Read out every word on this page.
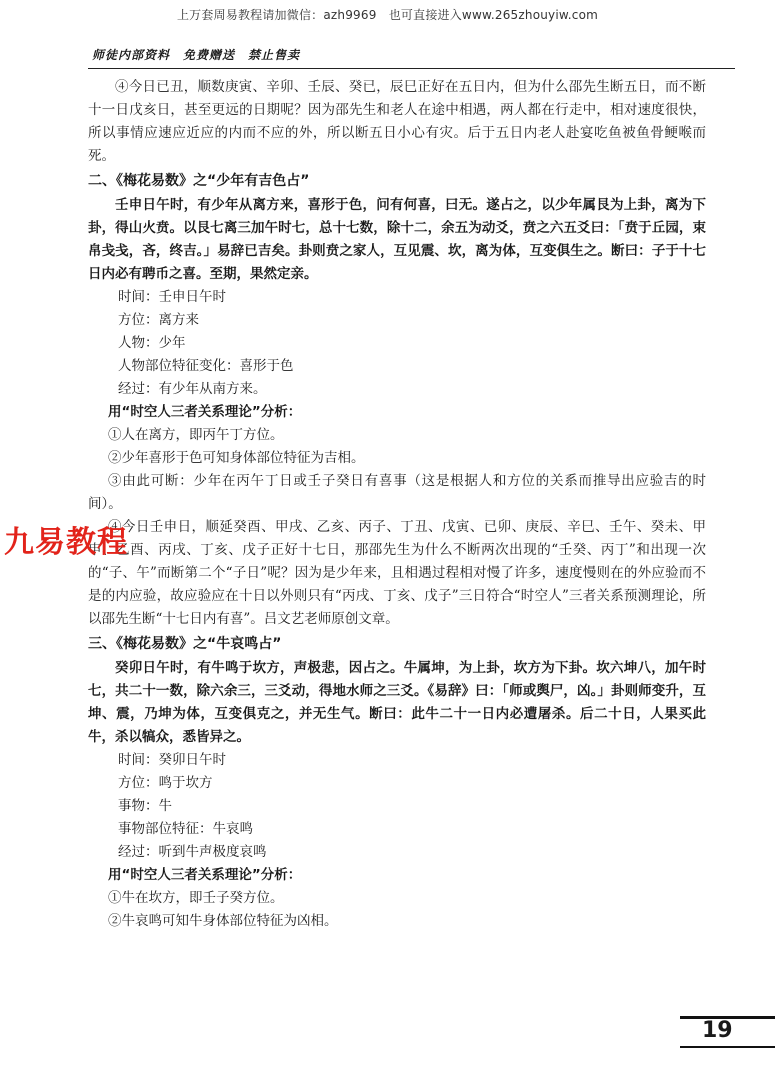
上万套周易教程请加微信：azh9969　也可直接进入www.265zhouyiw.com
师徒内部资料　免费赠送　禁止售卖

④今日已丑，顺数庚寅、辛卯、壬辰、癸已，辰巳正好在五日内，但为什么邵先生断五日，而不断十一日戊亥日，甚至更远的日期呢？因为邵先生和老人在途中相遇，两人都在行走中，相对速度很快，所以事情应速应近应的内而不应的外，所以断五日小心有灾。后于五日内老人赴宴吃鱼被鱼骨鲠喉而死。

二、《梅花易数》之“少年有吉色占”

壬申日午时，有少年从离方来，喜形于色，问有何喜，曰无。遂占之，以少年属艮为上卦，离为下卦，得山火贲。以艮七离三加午时七，总十七数，除十二，余五为动爻，贲之六五爻曰：「贲于丘园，束帛戋戋，吝，终吉。」易辞已吉矣。卦则贲之家人，互见震、坎，离为体，互变俱生之。断曰：子于十七日内必有聘币之喜。至期，果然定亲。

时间：壬申日午时
方位：离方来
人物：少年
人物部位特征变化：喜形于色
经过：有少年从南方来。
用“时空人三者关系理论”分析：
①人在离方，即丙午丁方位。
②少年喜形于色可知身体部位特征为吉相。

③由此可断：少年在丙午丁日或壬子癸日有喜事（这是根据人和方位的关系而推导出应验吉的时间）。

④今日壬申日，顺延癸酉、甲戌、乙亥、丙子、丁丑、戊寅、已卯、庚辰、辛巳、壬午、癸未、甲申、乙酉、丙戌、丁亥、戊子正好十七日，那邵先生为什么不断两次出现的“壬癸、丙丁”和出现一次的“子、午”而断第二个“子日”呢？因为是少年来，且相遇过程相对慢了许多，速度慢则在的外应验而不是的内应验，故应验应在十日以外则只有“丙戌、丁亥、戊子”三日符合“时空人”三者关系预测理论，所以邵先生断“十七日内有喜”。吕文艺老师原创文章。

三、《梅花易数》之“牛哀鸣占”

癸卯日午时，有牛鸣于坎方，声极悲，因占之。牛属坤，为上卦，坎方为下卦。坎六坤八，加午时七，共二十一数，除六余三，三爻动，得地水师之三爻。《易辞》曰：「师或舆尸，凶。」卦则师变升，互坤、震，乃坤为体，互变俱克之，并无生气。断曰：此牛二十一日内必遭屠杀。后二十日，人果买此牛，杀以犒众，悉皆异之。

时间：癸卯日午时
方位：鸣于坎方
事物：牛
事物部位特征：牛哀鸣
经过：听到牛声极度哀鸣
用“时空人三者关系理论”分析：
①牛在坎方，即壬子癸方位。
②牛哀鸣可知牛身体部位特征为凶相。
九易教程
19
